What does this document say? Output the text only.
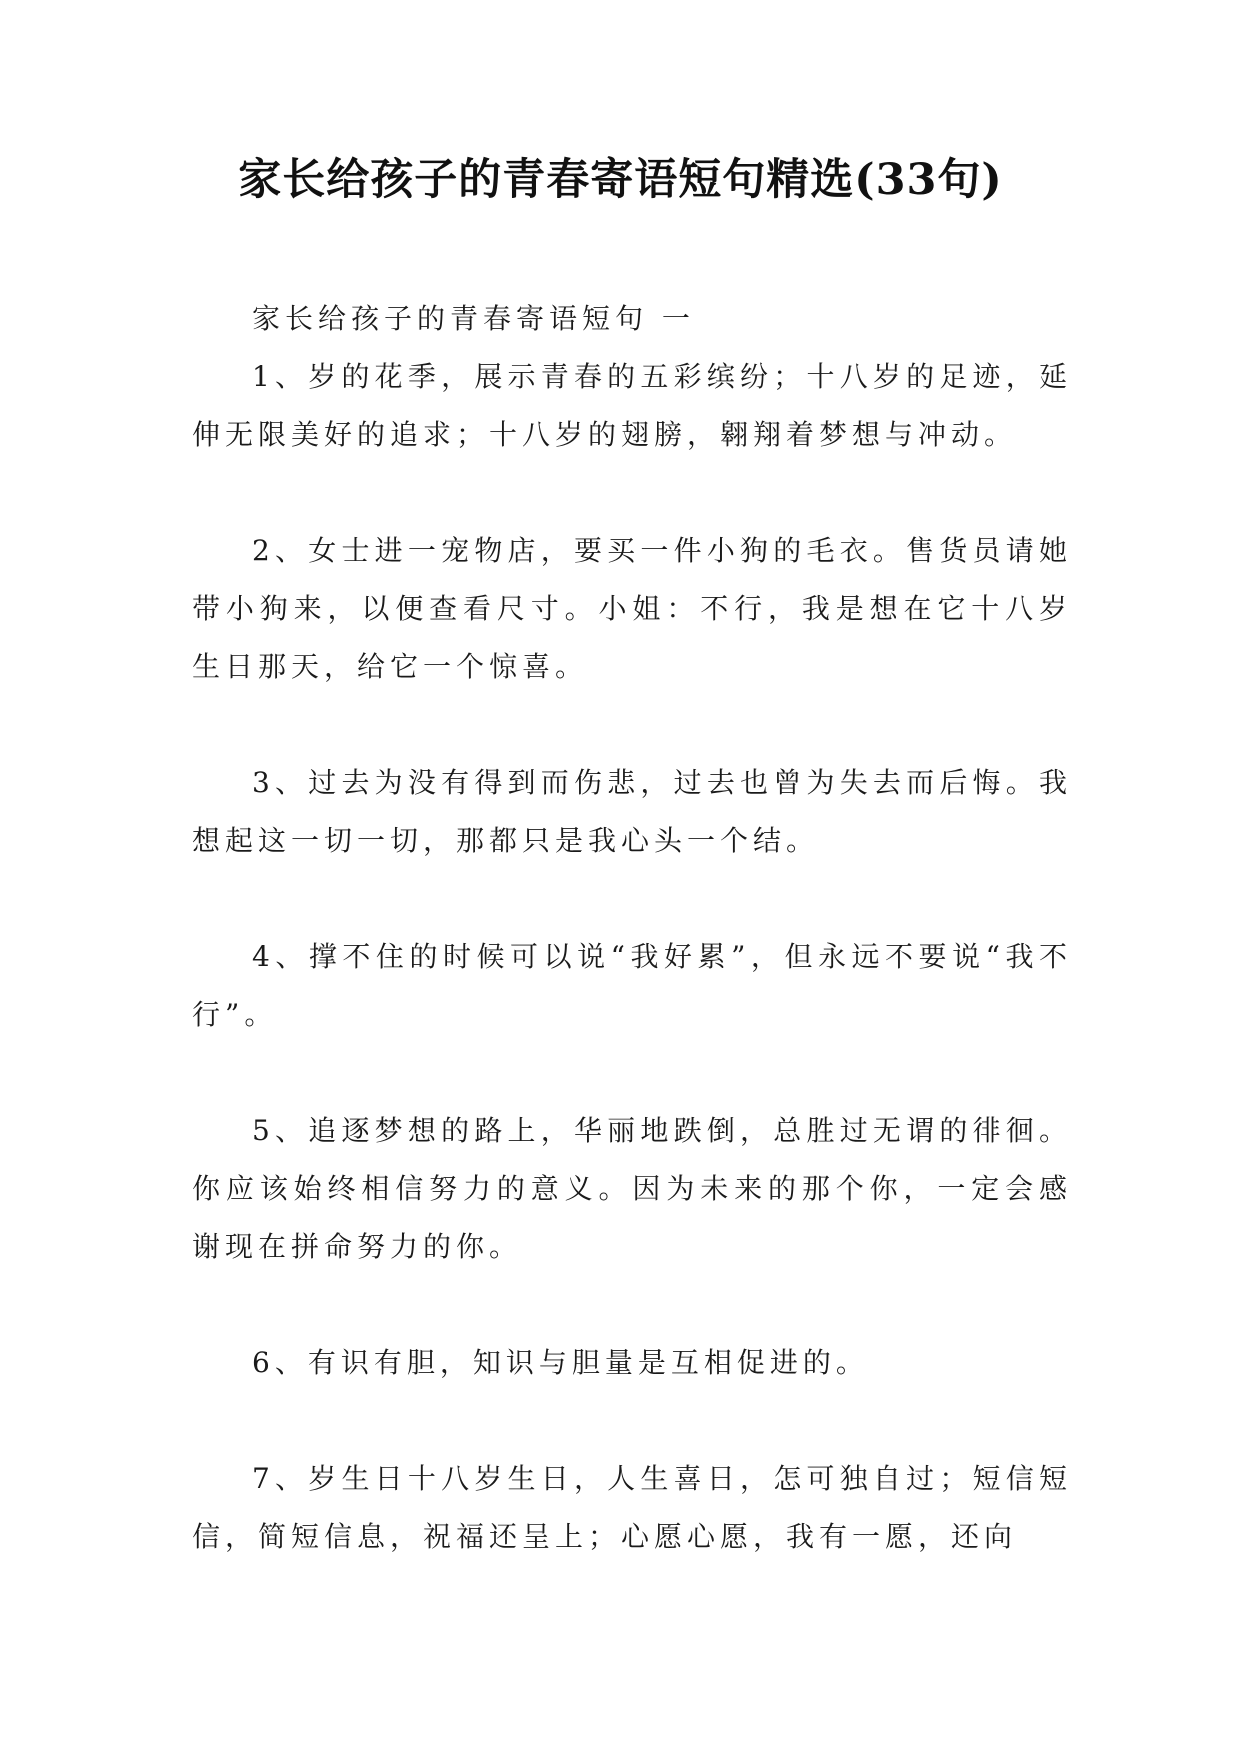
家长给孩子的青春寄语短句精选(33句)

家长给孩子的青春寄语短句 一

1、岁的花季，展示青春的五彩缤纷；十八岁的足迹，延伸无限美好的追求；十八岁的翅膀，翱翔着梦想与冲动。

2、女士进一宠物店，要买一件小狗的毛衣。售货员请她带小狗来，以便查看尺寸。小姐：不行，我是想在它十八岁生日那天，给它一个惊喜。

3、过去为没有得到而伤悲，过去也曾为失去而后悔。我想起这一切一切，那都只是我心头一个结。

4、撑不住的时候可以说“我好累”，但永远不要说“我不行”。

5、追逐梦想的路上，华丽地跌倒，总胜过无谓的徘徊。你应该始终相信努力的意义。因为未来的那个你，一定会感谢现在拼命努力的你。

6、有识有胆，知识与胆量是互相促进的。

7、岁生日十八岁生日，人生喜日，怎可独自过；短信短信，简短信息，祝福还呈上；心愿心愿，我有一愿，还向
